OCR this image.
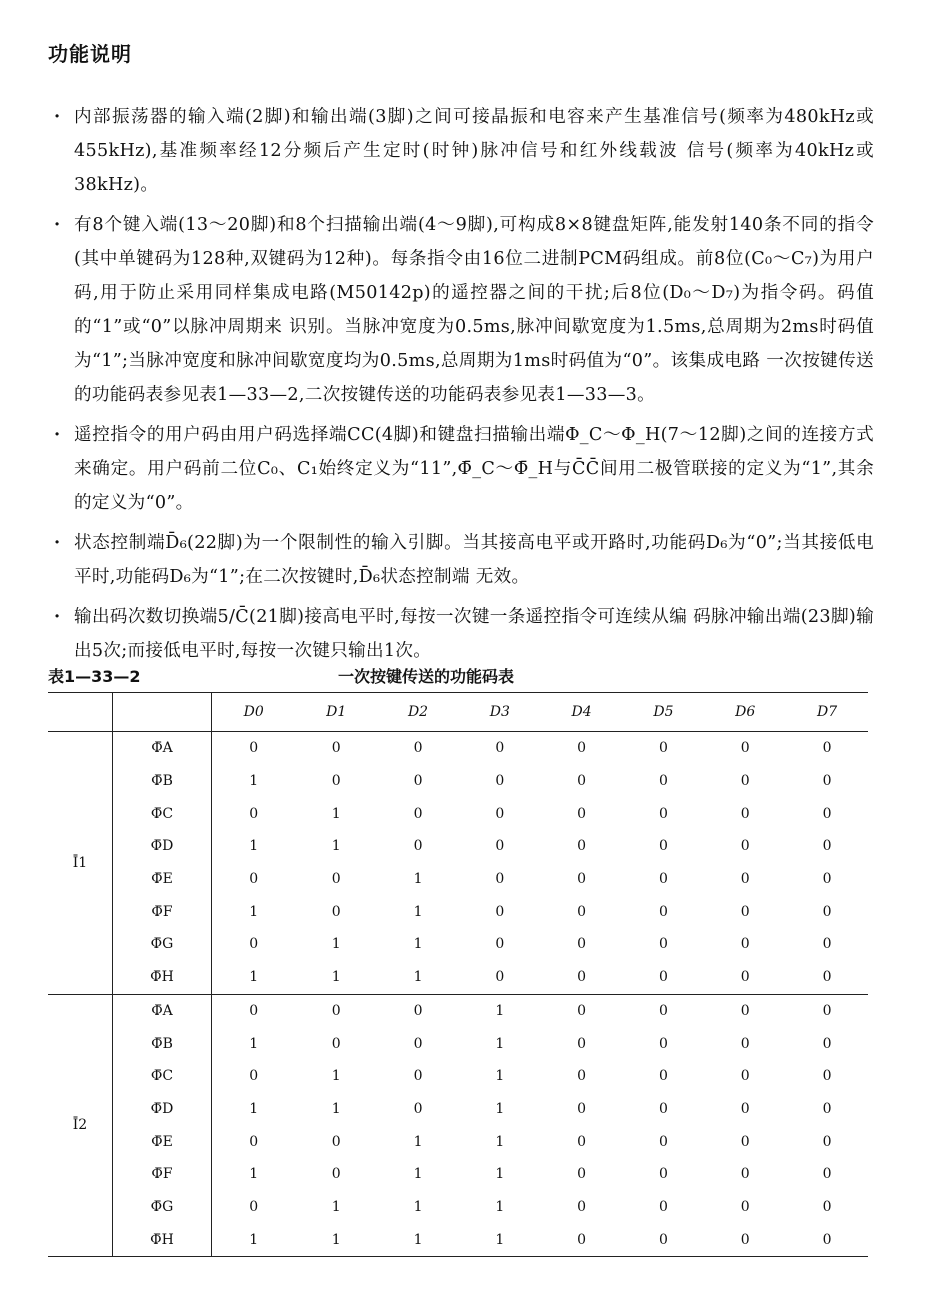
功能说明
· 内部振荡器的输入端(2脚)和输出端(3脚)之间可接晶振和电容来产生基准信号(频率为480kHz或455kHz),基准频率经12分频后产生定时(时钟)脉冲信号和红外线载波 信号(频率为40kHz或38kHz)。
· 有8个键入端(13～20脚)和8个扫描输出端(4～9脚),可构成8×8键盘矩阵,能发射140条不同的指令(其中单键码为128种,双键码为12种)。每条指令由16位二进制PCM码组成。前8位(C₀～C₇)为用户码,用于防止采用同样集成电路(M50142p)的遥控器之间的干扰;后8位(D₀～D₇)为指令码。码值的“1”或“0”以脉冲周期来 识别。当脉冲宽度为0.5ms,脉冲间歇宽度为1.5ms,总周期为2ms时码值为“1”;当脉冲宽度和脉冲间歇宽度均为0.5ms,总周期为1ms时码值为“0”。该集成电路 一次按键传送的功能码表参见表1—33—2,二次按键传送的功能码表参见表1—33—3。
· 遥控指令的用户码由用户码选择端CC(4脚)和键盘扫描输出端Φ_C～Φ_H(7～12脚)之间的连接方式来确定。用户码前二位C₀、C₁始终定义为“11”,Φ̄_C～Φ̄_H与C̄C̄间用二极管联接的定义为“1”,其余的定义为“0”。
· 状态控制端D̄₆(22脚)为一个限制性的输入引脚。当其接高电平或开路时,功能码D₆为“0”;当其接低电平时,功能码D₆为“1”;在二次按键时,D̄₆状态控制端 无效。
· 输出码次数切换端5/C̄(21脚)接高电平时,每按一次键一条遥控指令可连续从编 码脉冲输出端(23脚)输出5次;而接低电平时,每按一次键只输出1次。
表1—33—2	一次按键传送的功能码表
		D0	D1	D2	D3	D4	D5	D6	D7
Ī1	Φ̄A	0	0	0	0	0	0	0	0
	Φ̄B	1	0	0	0	0	0	0	0
	Φ̄C	0	1	0	0	0	0	0	0
	Φ̄D	1	1	0	0	0	0	0	0
	Φ̄E	0	0	1	0	0	0	0	0
	Φ̄F	1	0	1	0	0	0	0	0
	Φ̄G	0	1	1	0	0	0	0	0
	Φ̄H	1	1	1	0	0	0	0	0
Ī2	Φ̄A	0	0	0	1	0	0	0	0
	Φ̄B	1	0	0	1	0	0	0	0
	Φ̄C	0	1	0	1	0	0	0	0
	Φ̄D	1	1	0	1	0	0	0	0
	Φ̄E	0	0	1	1	0	0	0	0
	Φ̄F	1	0	1	1	0	0	0	0
	Φ̄G	0	1	1	1	0	0	0	0
	Φ̄H	1	1	1	1	0	0	0	0
